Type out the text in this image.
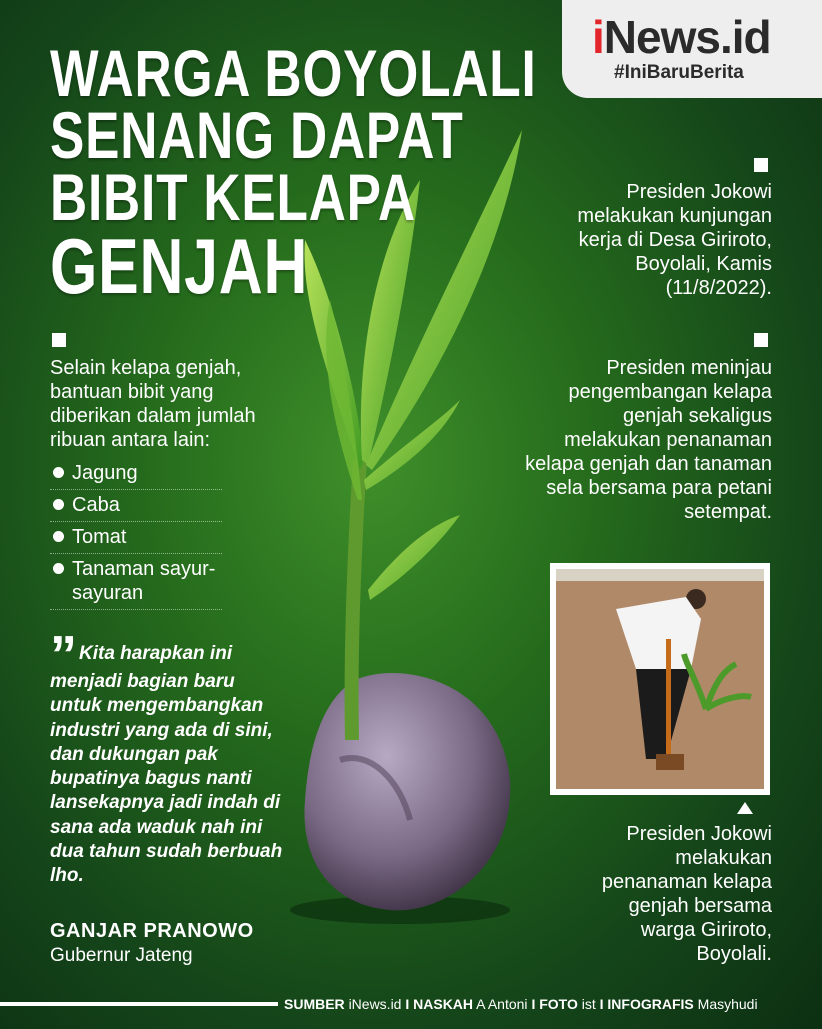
iNews.id
#IniBaruBerita
WARGA BOYOLALI
SENANG DAPAT
BIBIT KELAPA
GENJAH
Selain kelapa genjah, bantuan bibit yang diberikan dalam jumlah ribuan antara lain:
Jagung
Caba
Tomat
Tanaman sayur-sayuran
” Kita harapkan ini menjadi bagian baru untuk mengembangkan industri yang ada di sini, dan dukungan pak bupatinya bagus nanti lansekapnya jadi indah di sana ada waduk nah ini dua tahun sudah berbuah lho.
GANJAR PRANOWO
Gubernur Jateng
Presiden Jokowi melakukan kunjungan kerja di Desa Giriroto, Boyolali, Kamis (11/8/2022).
Presiden meninjau pengembangan kelapa genjah sekaligus melakukan penanaman kelapa genjah dan tanaman sela bersama para petani setempat.
Presiden Jokowi melakukan penanaman kelapa genjah bersama warga Giriroto, Boyolali.
SUMBER iNews.id I NASKAH A Antoni I FOTO ist I INFOGRAFIS Masyhudi
